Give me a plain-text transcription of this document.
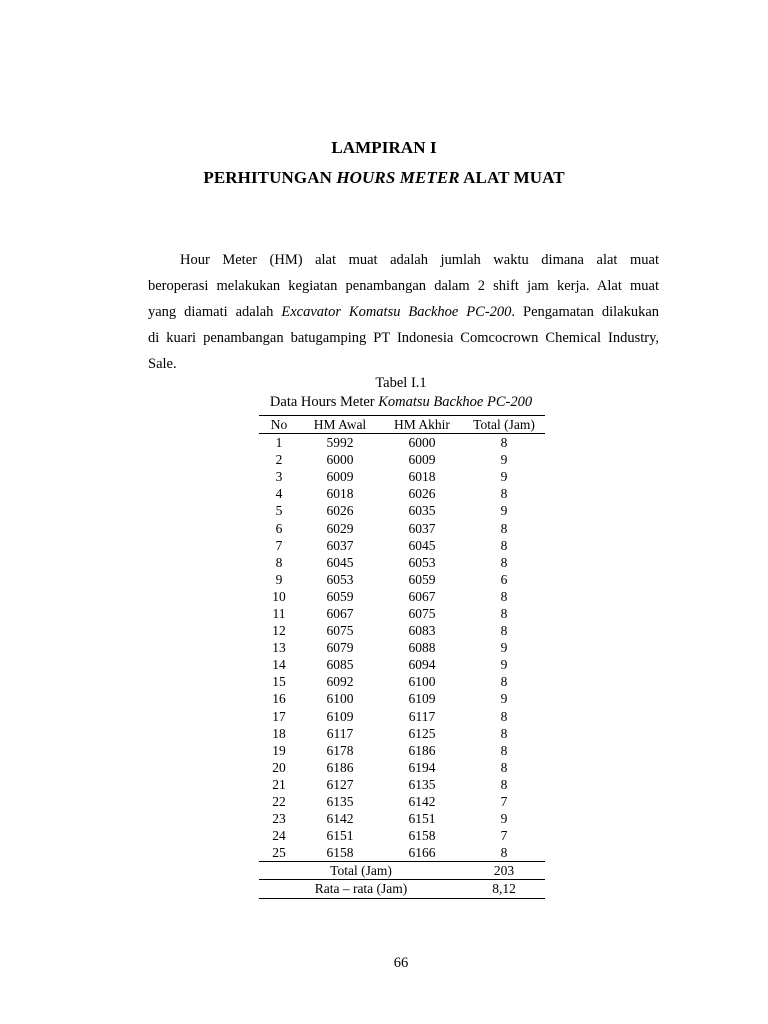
LAMPIRAN I
PERHITUNGAN HOURS METER ALAT MUAT
Hour Meter (HM) alat muat adalah jumlah waktu dimana alat muat
beroperasi melakukan kegiatan penambangan dalam 2 shift jam kerja. Alat muat
yang diamati adalah Excavator Komatsu Backhoe PC-200. Pengamatan dilakukan
di kuari penambangan batugamping PT Indonesia Comcocrown Chemical Industry,
Sale.
Tabel I.1
Data Hours Meter Komatsu Backhoe PC-200
No	HM Awal	HM Akhir	Total (Jam)
1	5992	6000	8
2	6000	6009	9
3	6009	6018	9
4	6018	6026	8
5	6026	6035	9
6	6029	6037	8
7	6037	6045	8
8	6045	6053	8
9	6053	6059	6
10	6059	6067	8
11	6067	6075	8
12	6075	6083	8
13	6079	6088	9
14	6085	6094	9
15	6092	6100	8
16	6100	6109	9
17	6109	6117	8
18	6117	6125	8
19	6178	6186	8
20	6186	6194	8
21	6127	6135	8
22	6135	6142	7
23	6142	6151	9
24	6151	6158	7
25	6158	6166	8
Total (Jam)			203
Rata – rata (Jam)			8,12
66
